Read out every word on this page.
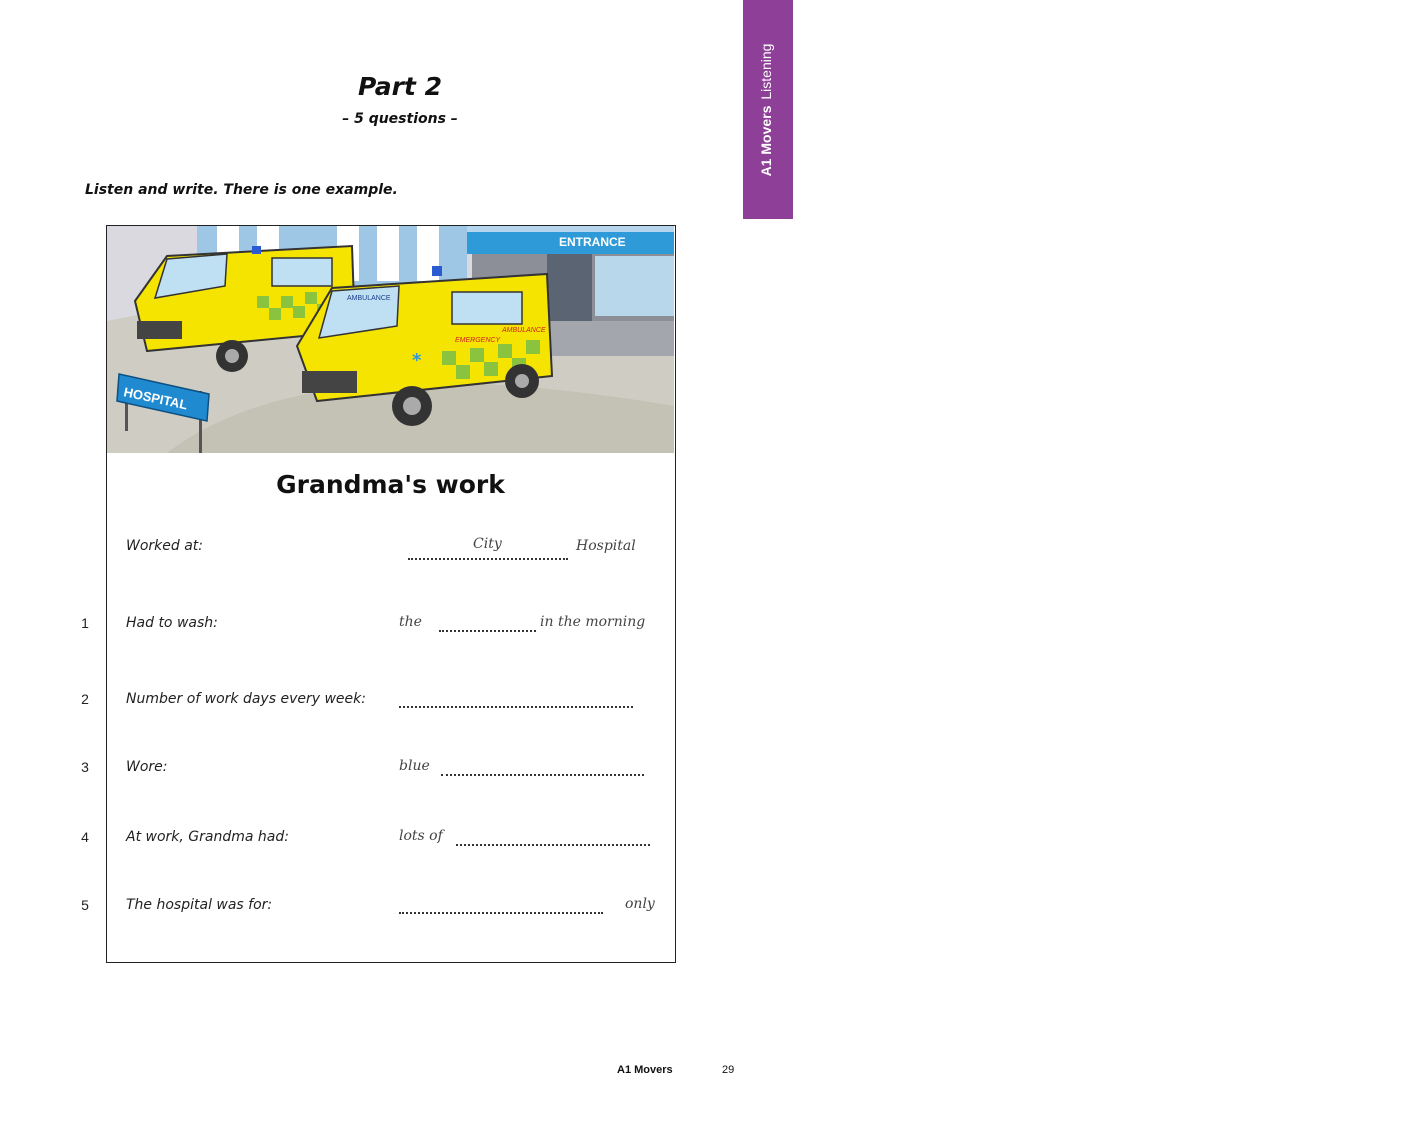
Part 2
– 5 questions –
Listen and write. There is one example.
A1 MoversListening
ENTRANCE
AMBULANCE
EMERGENCY
AMBULANCE
*
HOSPITAL
Grandma's work
Worked at:	City	Hospital
1	Had to wash:	the	in the morning
2	Number of work days every week:
3	Wore:	blue
4	At work, Grandma had:	lots of
5	The hospital was for:	only
A1 Movers	29
